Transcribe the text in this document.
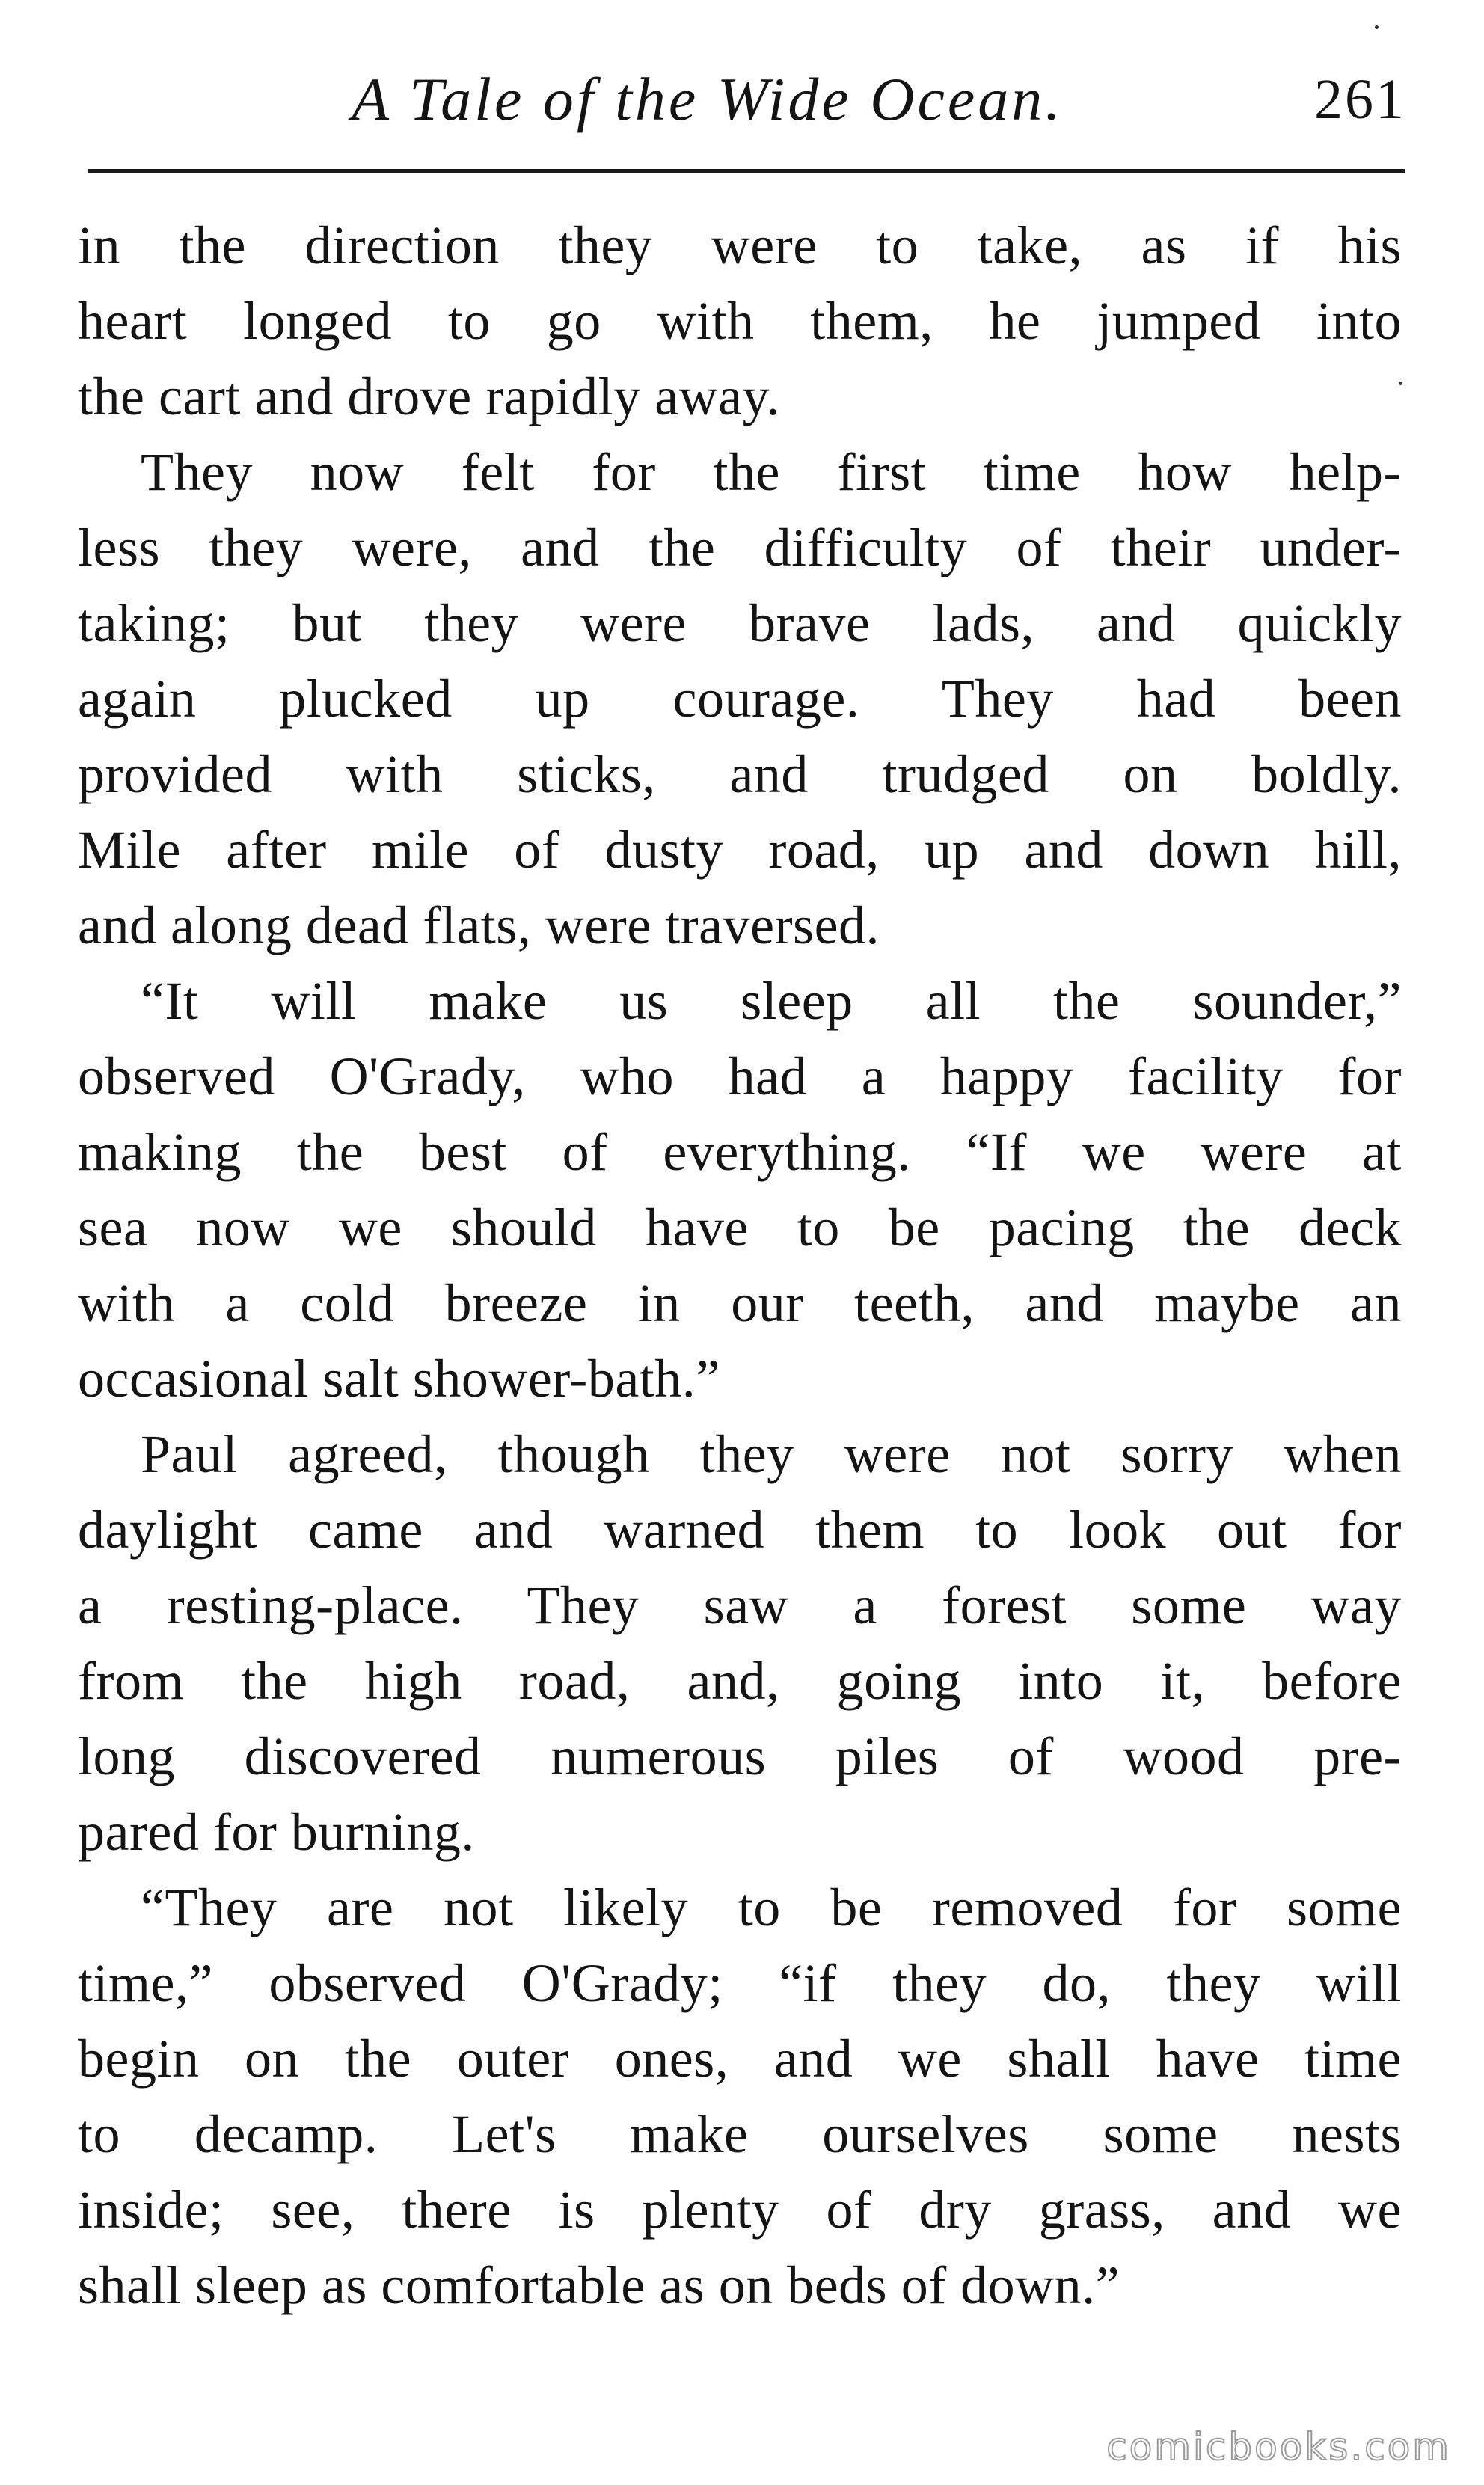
A Tale of the Wide Ocean.	261
in the direction they were to take, as if his
heart longed to go with them, he jumped into
the cart and drove rapidly away.
They now felt for the first time how help-
less they were, and the difficulty of their under-
taking; but they were brave lads, and quickly
again plucked up courage. They had been
provided with sticks, and trudged on boldly.
Mile after mile of dusty road, up and down hill,
and along dead flats, were traversed.
“It will make us sleep all the sounder,”
observed O'Grady, who had a happy facility for
making the best of everything. “If we were at
sea now we should have to be pacing the deck
with a cold breeze in our teeth, and maybe an
occasional salt shower-bath.”
Paul agreed, though they were not sorry when
daylight came and warned them to look out for
a resting-place. They saw a forest some way
from the high road, and, going into it, before
long discovered numerous piles of wood pre-
pared for burning.
“They are not likely to be removed for some
time,” observed O'Grady; “if they do, they will
begin on the outer ones, and we shall have time
to decamp. Let's make ourselves some nests
inside; see, there is plenty of dry grass, and we
shall sleep as comfortable as on beds of down.”
comicbooks.com
